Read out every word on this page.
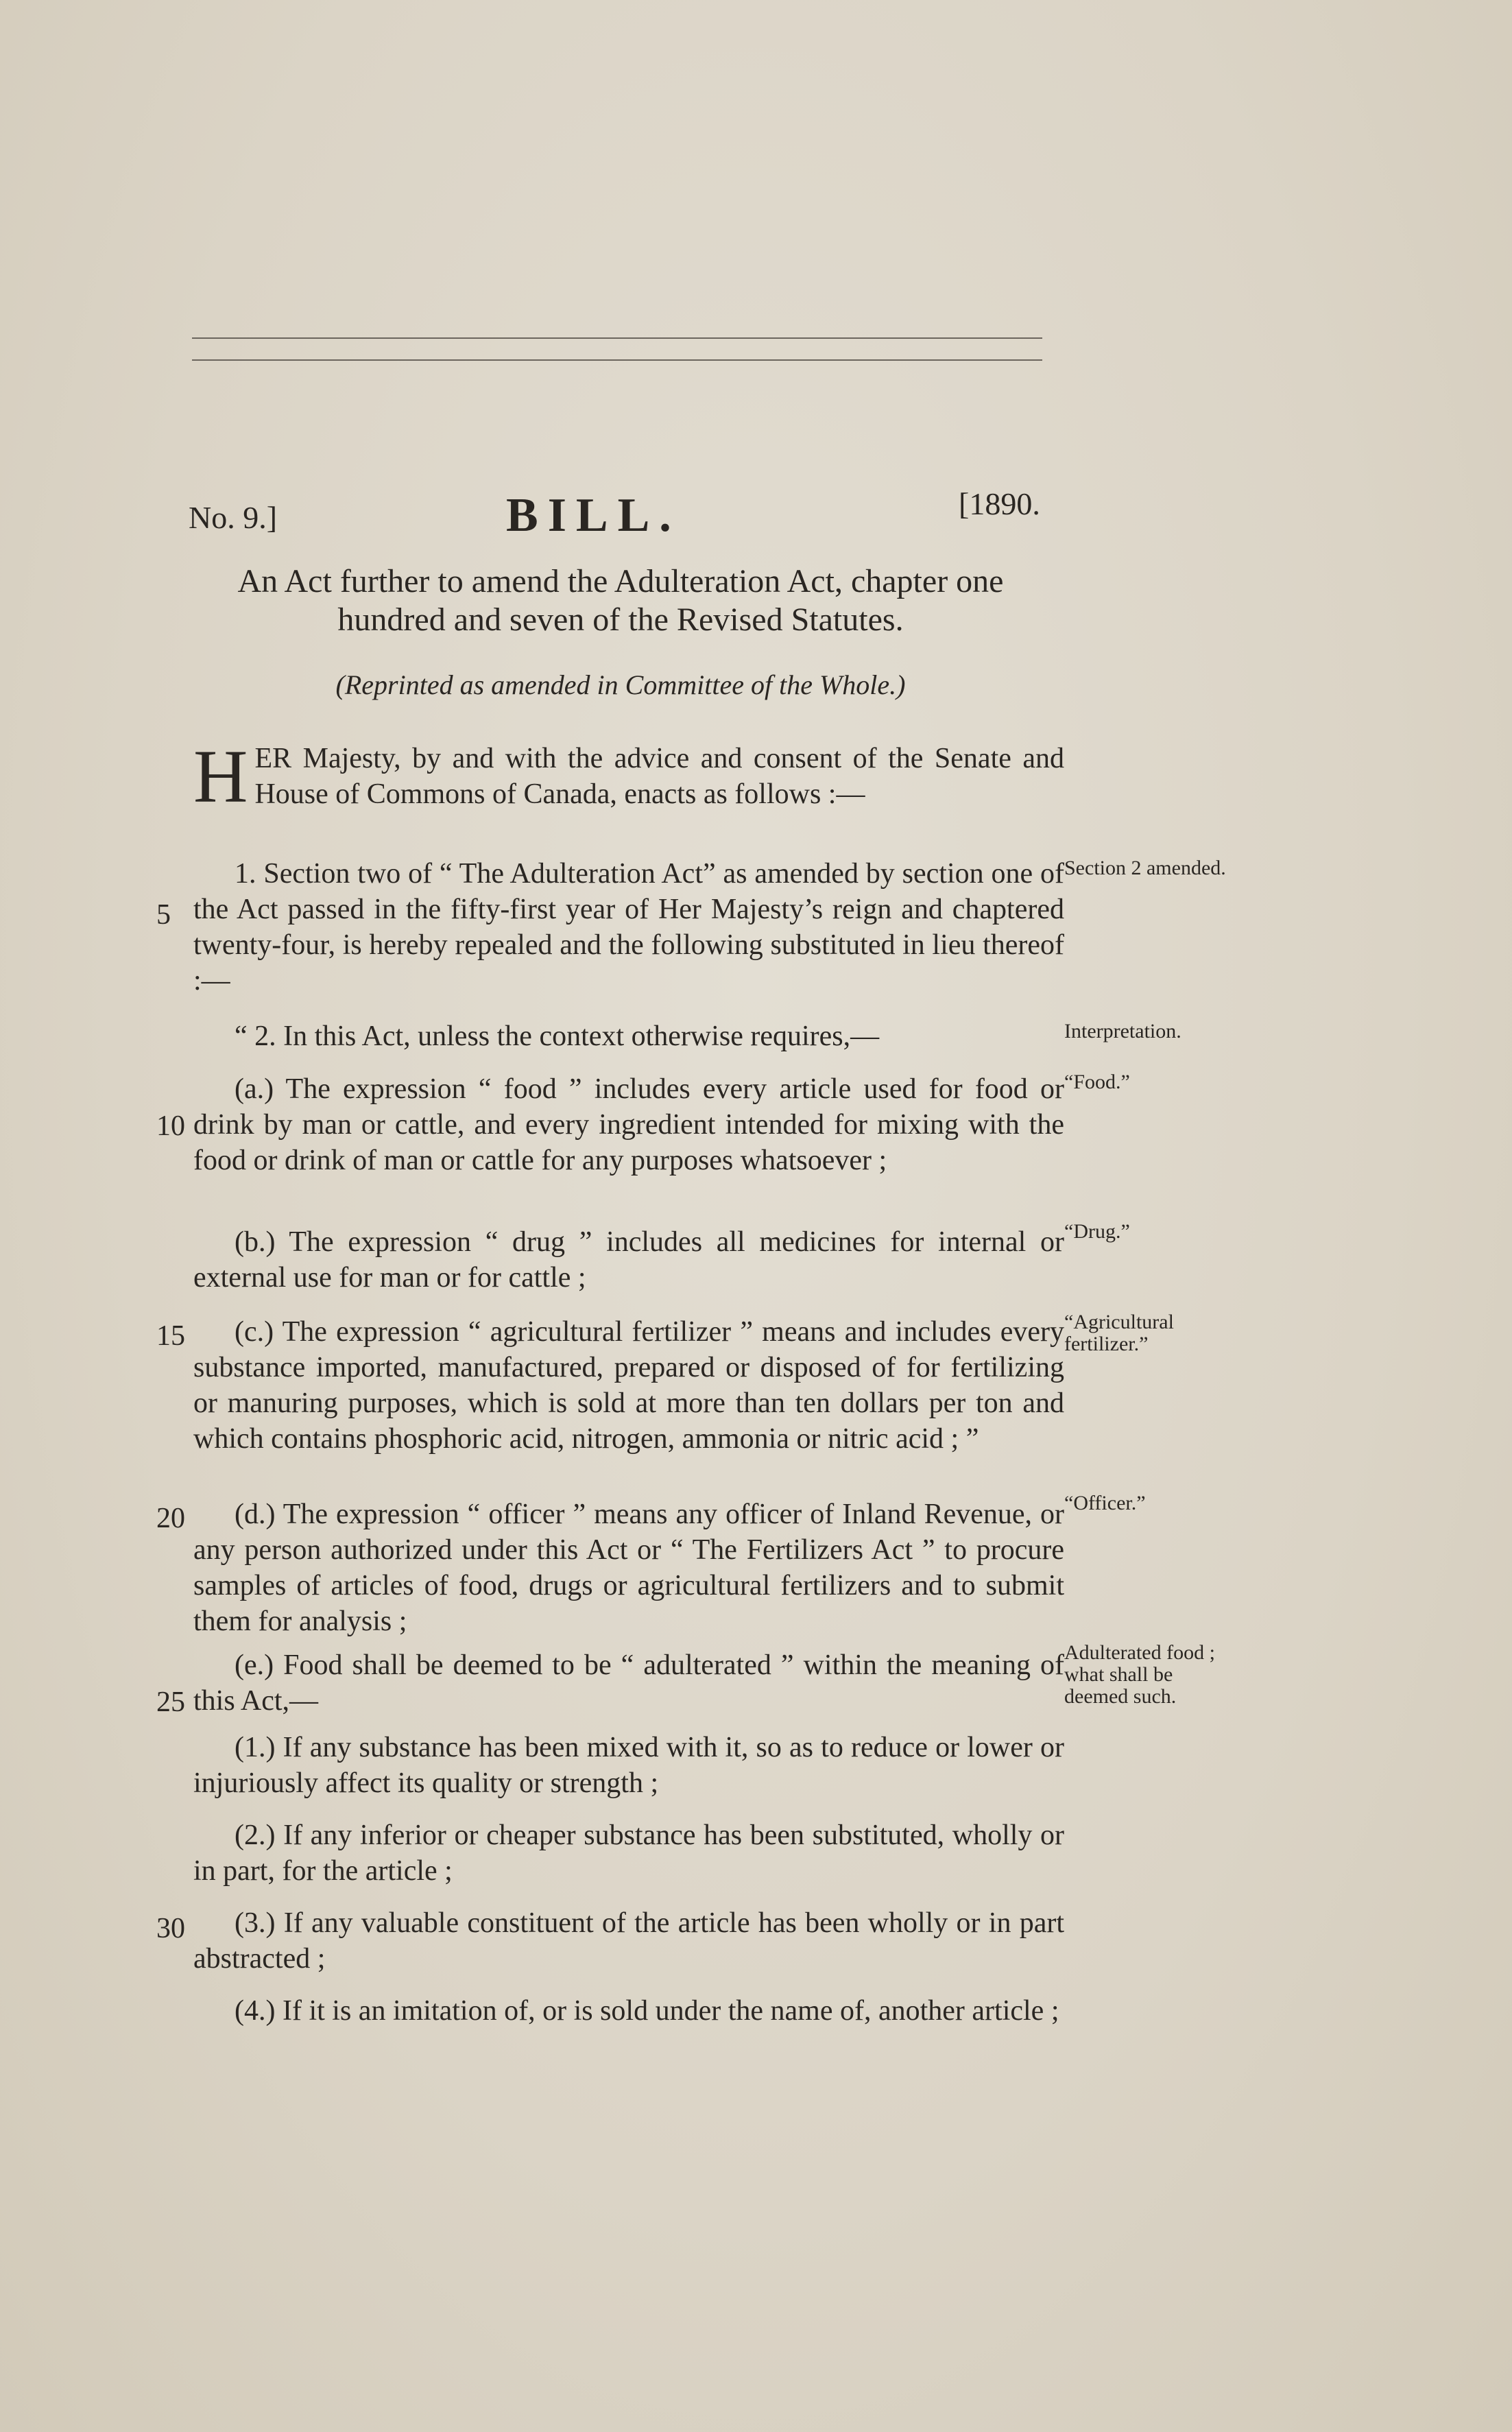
No. 9.]	BILL.	[1890.
An Act further to amend the Adulteration Act, chapter one hundred and seven of the Revised Statutes.
(Reprinted as amended in Committee of the Whole.)
HER Majesty, by and with the advice and consent of the Senate and House of Commons of Canada, enacts as follows :—

1. Section two of “ The Adulteration Act” as amended by section one of the Act passed in the fifty-first year of Her Majesty’s reign and chaptered twenty-four, is hereby repealed and the following substituted in lieu thereof :—

“ 2. In this Act, unless the context otherwise requires,—

(a.) The expression “ food ” includes every article used for food or drink by man or cattle, and every ingredient intended for mixing with the food or drink of man or cattle for any purposes whatsoever ;

(b.) The expression “ drug ” includes all medicines for internal or external use for man or for cattle ;

(c.) The expression “ agricultural fertilizer ” means and includes every substance imported, manufactured, prepared or disposed of for fertilizing or manuring purposes, which is sold at more than ten dollars per ton and which contains phosphoric acid, nitrogen, ammonia or nitric acid ; ”

(d.) The expression “ officer ” means any officer of Inland Revenue, or any person authorized under this Act or “ The Fertilizers Act ” to procure samples of articles of food, drugs or agricultural fertilizers and to submit them for analysis ;

(e.) Food shall be deemed to be “ adulterated ” within the meaning of this Act,—

(1.) If any substance has been mixed with it, so as to reduce or lower or injuriously affect its quality or strength ;

(2.) If any inferior or cheaper substance has been substituted, wholly or in part, for the article ;

(3.) If any valuable constituent of the article has been wholly or in part abstracted ;

(4.) If it is an imitation of, or is sold under the name of, another article ;

5
10
15
20
25
30
Section 2 amended.
Interpretation.
“Food.”
“Drug.”
“Agricultural fertilizer.”
“Officer.”
Adulterated food ; what shall be deemed such.
